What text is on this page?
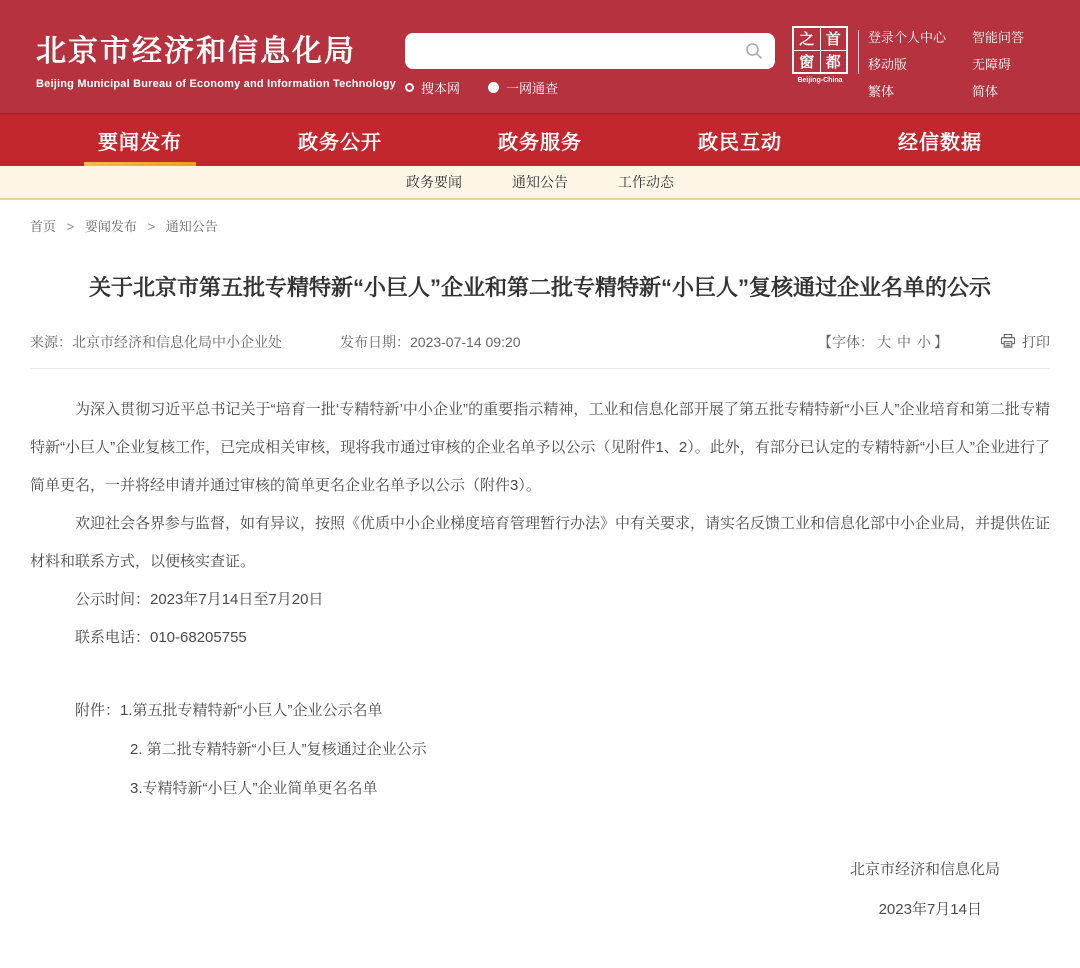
北京市经济和信息化局
Beijing Municipal Bureau of Economy and Information Technology 搜本网	一网通查
之 首
窗 都
Beijing-China
登录个人中心
移动版
繁体
智能问答
无障碍
简体
要闻发布	政务公开	政务服务	政民互动	经信数据
政务要闻	通知公告	工作动态
首页 > 要闻发布 > 通知公告
关于北京市第五批专精特新“小巨人”企业和第二批专精特新“小巨人”复核通过企业名单的公示
来源：北京市经济和信息化局中小企业处	发布日期：2023-07-14 09:20	【字体： 大 中 小 】	打印

为深入贯彻习近平总书记关于“培育一批‘专精特新’中小企业”的重要指示精神，工业和信息化部开展了第五批专精特新“小巨人”企业培育和第二批专精特新“小巨人”企业复核工作，已完成相关审核，现将我市通过审核的企业名单予以公示（见附件1、2）。此外，有部分已认定的专精特新“小巨人”企业进行了简单更名，一并将经申请并通过审核的简单更名企业名单予以公示（附件3）。

欢迎社会各界参与监督，如有异议，按照《优质中小企业梯度培育管理暂行办法》中有关要求，请实名反馈工业和信息化部中小企业局，并提供佐证材料和联系方式，以便核实查证。

公示时间：2023年7月14日至7月20日

联系电话：010-68205755

附件：1.第五批专精特新“小巨人”企业公示名单

2. 第二批专精特新“小巨人”复核通过企业公示

3.专精特新“小巨人”企业简单更名名单

北京市经济和信息化局
2023年7月14日
